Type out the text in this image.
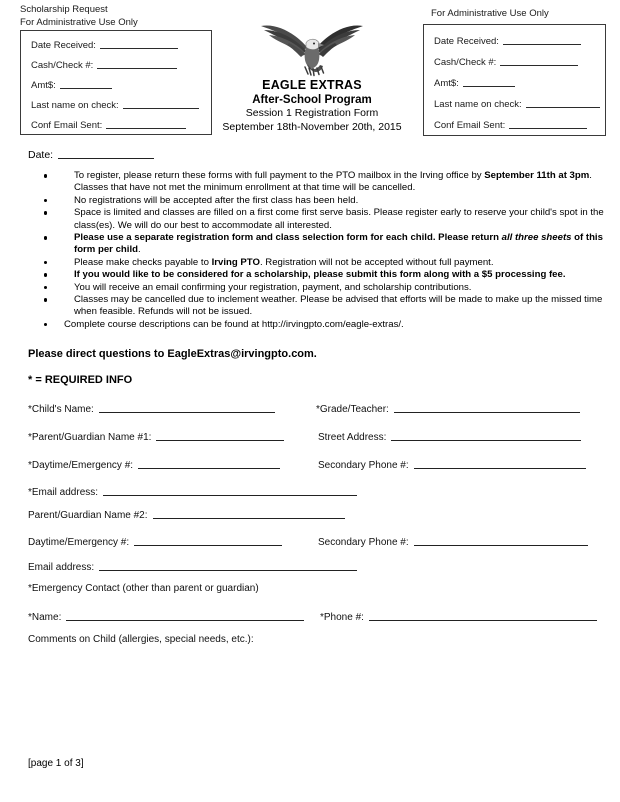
Scholarship Request
For Administrative Use Only
Date Received:
Cash/Check #:
Amt$:
Last name on check:
Conf Email Sent:
For Administrative Use Only
Date Received:
Cash/Check #:
Amt$:
Last name on check:
Conf Email Sent:
EAGLE EXTRAS
After-School Program
Session 1 Registration Form
September 18th-November 20th, 2015
Date:
To register, please return these forms with full payment to the PTO mailbox in the Irving office by September 11th at 3pm. Classes that have not met the minimum enrollment at that time will be cancelled.
No registrations will be accepted after the first class has been held.
Space is limited and classes are filled on a first come first serve basis. Please register early to reserve your child's spot in the class(es). We will do our best to accommodate all interested.
Please use a separate registration form and class selection form for each child. Please return all three sheets of this form per child.
Please make checks payable to Irving PTO. Registration will not be accepted without full payment.
If you would like to be considered for a scholarship, please submit this form along with a $5 processing fee.
You will receive an email confirming your registration, payment, and scholarship contributions.
Classes may be cancelled due to inclement weather. Please be advised that efforts will be made to make up the missed time when feasible. Refunds will not be issued.
Complete course descriptions can be found at http://irvingpto.com/eagle-extras/.
Please direct questions to EagleExtras@irvingpto.com.
* = REQUIRED INFO
*Child's Name:
*Parent/Guardian Name #1:
*Daytime/Emergency #:
*Email address:
Parent/Guardian Name #2:
Daytime/Emergency #:
Email address:
*Name:
*Grade/Teacher:
Street Address:
Secondary Phone #:
Secondary Phone #:
*Phone #:
*Emergency Contact (other than parent or guardian)
Comments on Child (allergies, special needs, etc.):
[page 1 of 3]
